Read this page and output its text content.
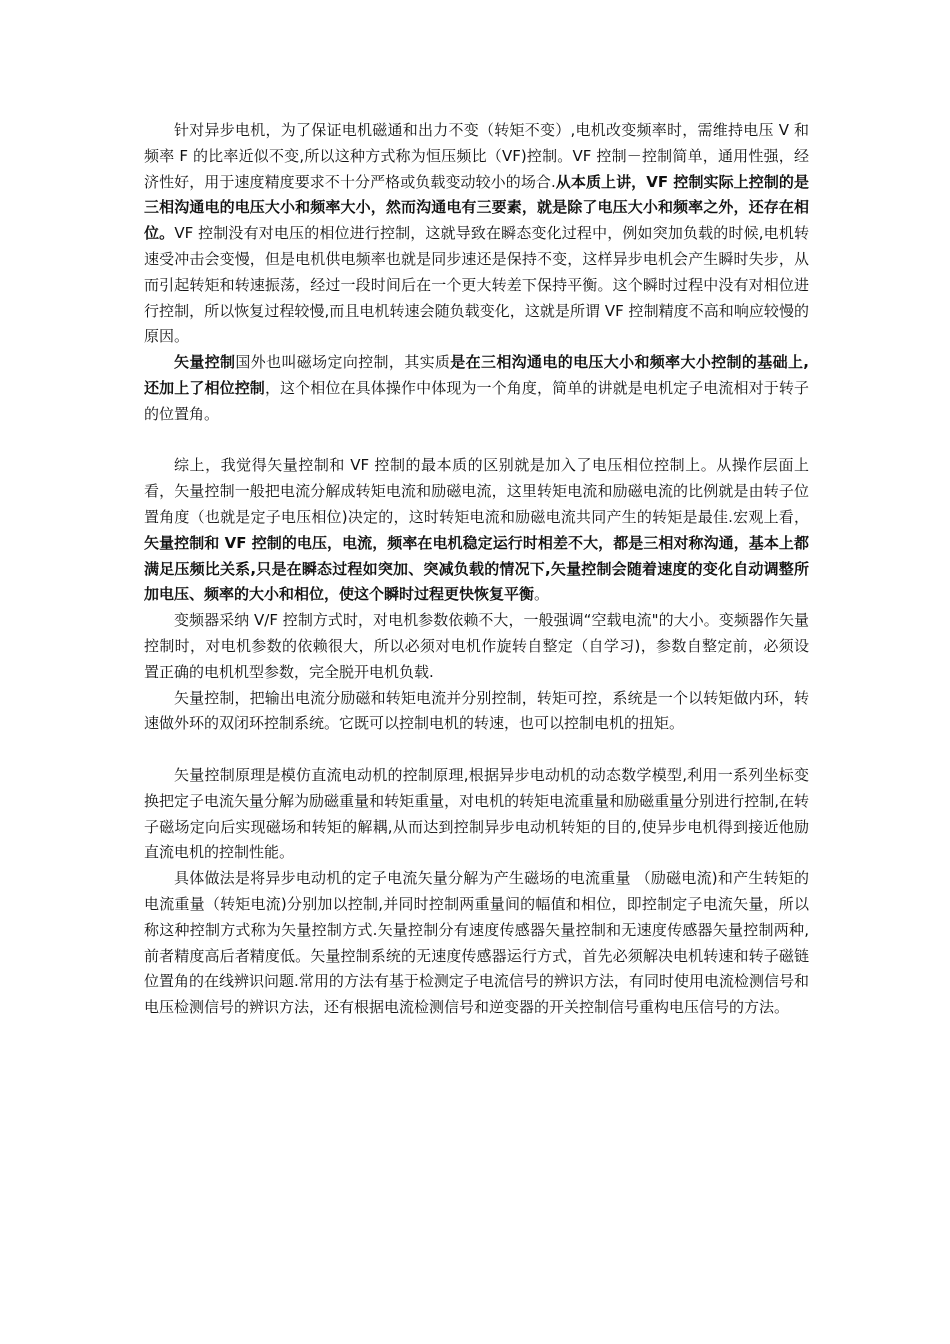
针对异步电机，为了保证电机磁通和出力不变（转矩不变）,电机改变频率时，需维持电压 V 和频率 F 的比率近似不变,所以这种方式称为恒压频比（VF)控制。VF 控制－控制简单，通用性强，经济性好，用于速度精度要求不十分严格或负载变动较小的场合.从本质上讲，VF 控制实际上控制的是三相沟通电的电压大小和频率大小，然而沟通电有三要素，就是除了电压大小和频率之外，还存在相位。VF 控制没有对电压的相位进行控制，这就导致在瞬态变化过程中，例如突加负载的时候,电机转速受冲击会变慢，但是电机供电频率也就是同步速还是保持不变，这样异步电机会产生瞬时失步，从而引起转矩和转速振荡，经过一段时间后在一个更大转差下保持平衡。这个瞬时过程中没有对相位进行控制，所以恢复过程较慢,而且电机转速会随负载变化，这就是所谓 VF 控制精度不高和响应较慢的原因。

矢量控制国外也叫磁场定向控制，其实质是在三相沟通电的电压大小和频率大小控制的基础上,还加上了相位控制，这个相位在具体操作中体现为一个角度，简单的讲就是电机定子电流相对于转子的位置角。

综上，我觉得矢量控制和 VF 控制的最本质的区别就是加入了电压相位控制上。从操作层面上看，矢量控制一般把电流分解成转矩电流和励磁电流，这里转矩电流和励磁电流的比例就是由转子位置角度（也就是定子电压相位)决定的，这时转矩电流和励磁电流共同产生的转矩是最佳.宏观上看，矢量控制和 VF 控制的电压，电流，频率在电机稳定运行时相差不大，都是三相对称沟通，基本上都满足压频比关系,只是在瞬态过程如突加、突减负载的情况下,矢量控制会随着速度的变化自动调整所加电压、频率的大小和相位，使这个瞬时过程更快恢复平衡。

变频器采纳 V/F 控制方式时，对电机参数依赖不大，一般强调“空载电流"的大小。变频器作矢量控制时，对电机参数的依赖很大，所以必须对电机作旋转自整定（自学习)，参数自整定前，必须设置正确的电机机型参数，完全脱开电机负载.

矢量控制，把输出电流分励磁和转矩电流并分别控制，转矩可控，系统是一个以转矩做内环，转速做外环的双闭环控制系统。它既可以控制电机的转速，也可以控制电机的扭矩。

矢量控制原理是模仿直流电动机的控制原理,根据异步电动机的动态数学模型,利用一系列坐标变换把定子电流矢量分解为励磁重量和转矩重量，对电机的转矩电流重量和励磁重量分别进行控制,在转子磁场定向后实现磁场和转矩的解耦,从而达到控制异步电动机转矩的目的,使异步电机得到接近他励直流电机的控制性能。

具体做法是将异步电动机的定子电流矢量分解为产生磁场的电流重量 （励磁电流)和产生转矩的电流重量（转矩电流)分别加以控制,并同时控制两重量间的幅值和相位，即控制定子电流矢量，所以称这种控制方式称为矢量控制方式.矢量控制分有速度传感器矢量控制和无速度传感器矢量控制两种,前者精度高后者精度低。矢量控制系统的无速度传感器运行方式，首先必须解决电机转速和转子磁链位置角的在线辨识问题.常用的方法有基于检测定子电流信号的辨识方法，有同时使用电流检测信号和电压检测信号的辨识方法，还有根据电流检测信号和逆变器的开关控制信号重构电压信号的方法。
